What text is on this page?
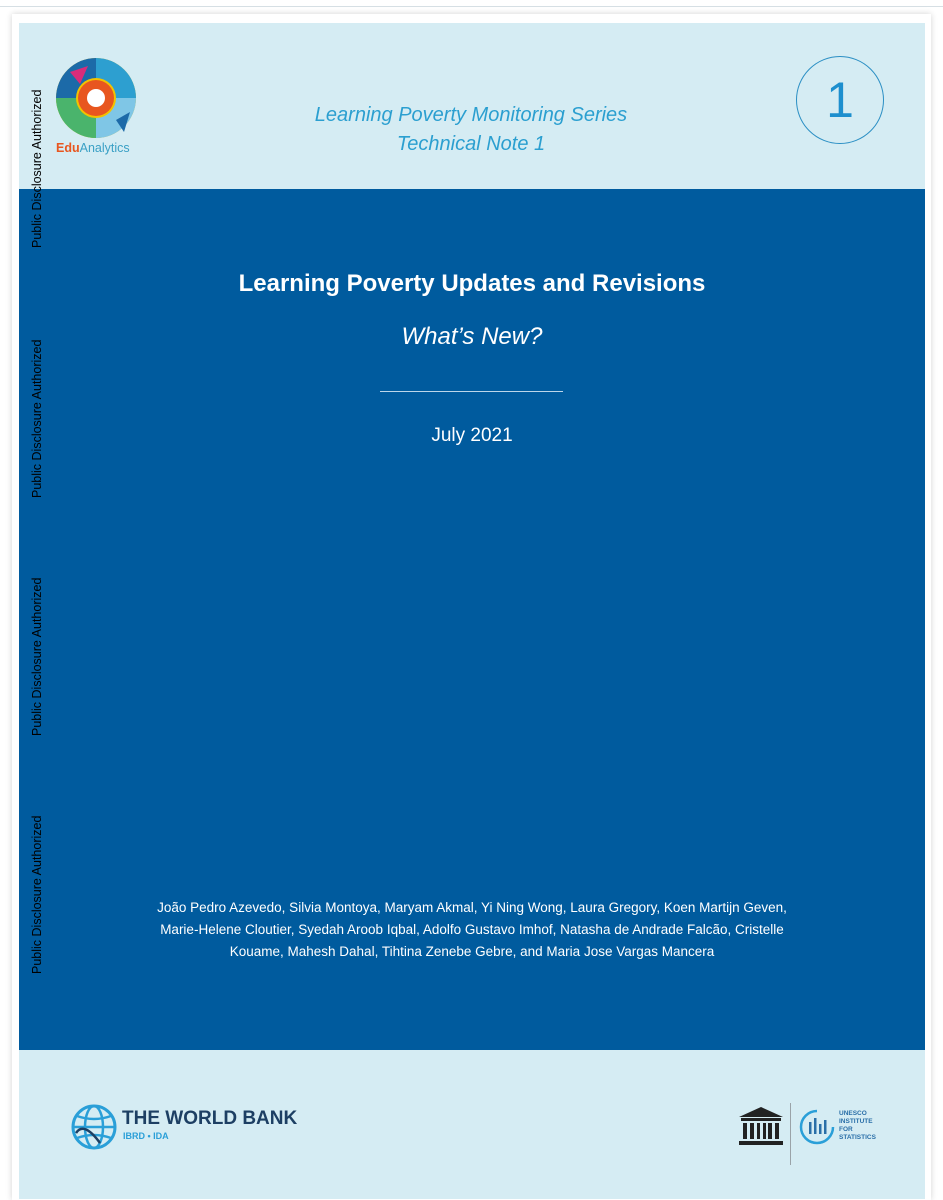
Public Disclosure Authorized
Public Disclosure Authorized
Public Disclosure Authorized
Public Disclosure Authorized
EduAnalytics
Learning Poverty Monitoring Series
Technical Note 1
1
Learning Poverty Updates and Revisions
What’s New?
July 2021
João Pedro Azevedo, Silvia Montoya, Maryam Akmal, Yi Ning Wong, Laura Gregory, Koen Martijn Geven,
Marie-Helene Cloutier, Syedah Aroob Iqbal, Adolfo Gustavo Imhof, Natasha de Andrade Falcão, Cristelle
Kouame, Mahesh Dahal, Tihtina Zenebe Gebre, and Maria Jose Vargas Mancera
THE WORLD BANK
IBRD • IDA
UNESCO
INSTITUTE
FOR
STATISTICS
